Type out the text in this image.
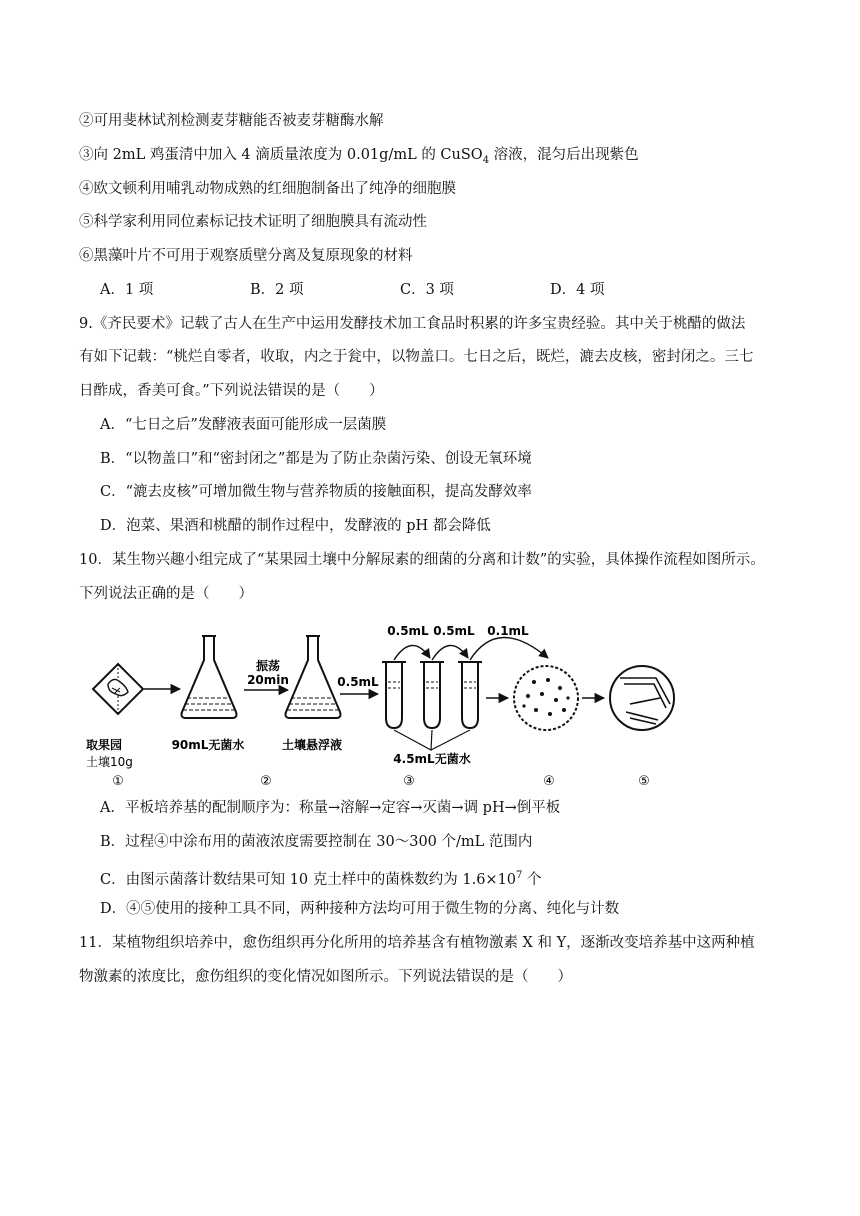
②可用斐林试剂检测麦芽糖能否被麦芽糖酶水解
③向 2mL 鸡蛋清中加入 4 滴质量浓度为 0.01g/mL 的 CuSO$_4$ 溶液，混匀后出现紫色
④欧文顿利用哺乳动物成熟的红细胞制备出了纯净的细胞膜
⑤科学家利用同位素标记技术证明了细胞膜具有流动性
⑥黑藻叶片不可用于观察质壁分离及复原现象的材料
A．1 项	B．2 项	C．3 项	D．4 项
9.《齐民要术》记载了古人在生产中运用发酵技术加工食品时积累的许多宝贵经验。其中关于桃醋的做法
有如下记载：“桃烂自零者，收取，内之于瓮中，以物盖口。七日之后，既烂，漉去皮核，密封闭之。三七
日酢成，香美可食。”下列说法错误的是（　　）
A．“七日之后”发酵液表面可能形成一层菌膜
B．“以物盖口”和“密封闭之”都是为了防止杂菌污染、创设无氧环境
C．“漉去皮核”可增加微生物与营养物质的接触面积，提高发酵效率
D．泡菜、果酒和桃醋的制作过程中，发酵液的 pH 都会降低
10．某生物兴趣小组完成了“某果园土壤中分解尿素的细菌的分离和计数”的实验，具体操作流程如图所示。
下列说法正确的是（　　）
振荡
20min	0.5mL
0.5mL 0.5mL 0.1mL
取果园
土壤10g
90mL无菌水	土壤悬浮液
4.5mL无菌水
①	②	③	④	⑤
A．平板培养基的配制顺序为：称量→溶解→定容→灭菌→调 pH→倒平板
B．过程④中涂布用的菌液浓度需要控制在 30～300 个/mL 范围内
C．由图示菌落计数结果可知 10 克土样中的菌株数约为 $1.6\times 10^7$ 个
D．④⑤使用的接种工具不同，两种接种方法均可用于微生物的分离、纯化与计数
11．某植物组织培养中，愈伤组织再分化所用的培养基含有植物激素 X 和 Y，逐渐改变培养基中这两种植
物激素的浓度比，愈伤组织的变化情况如图所示。下列说法错误的是（　　）
